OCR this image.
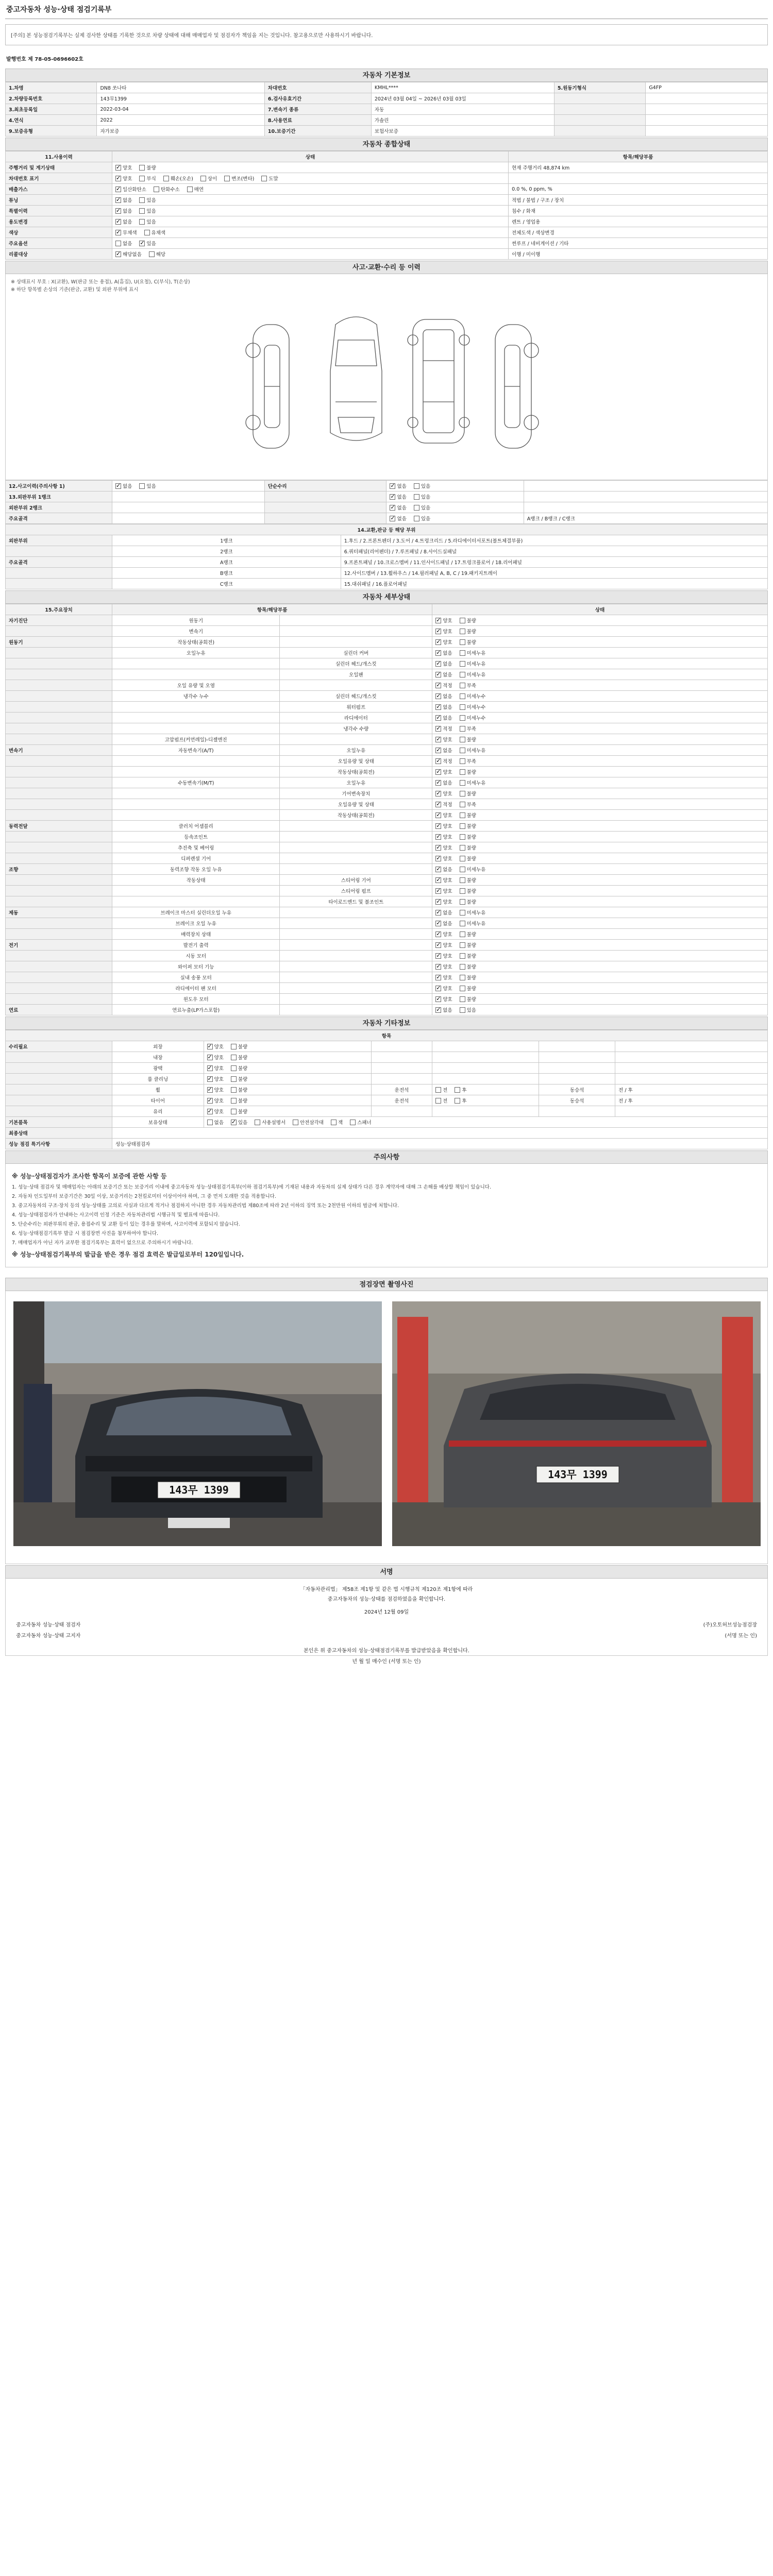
중고자동차 성능·상태 점검기록부
[주의] 본 성능점검기록부는 실제 검사한 상태를 기록한 것으로 차량 상태에 대해 매매업자 및 점검자가 책임을 지는 것입니다. 참고용으로만 사용하시기 바랍니다.
발행번호 제 78-05-0696602호
자동차 기본정보
1.차명	DN8 쏘나타	차대번호	KMHL****	5.원동기형식	G4FP
2.차량등록번호	143무1399	6.검사유효기간	2024년 03월 04일 ~ 2026년 03월 03일		
3.최초등록일	2022-03-04	7.변속기 종류	자동		
4.연식	2022	8.사용연료	가솔린		
9.보증유형	자가보증	10.보증기간	보험사보증		
자동차 종합상태
11.사용이력	상태	항목/해당부품
주행거리 및 계기상태	✓양호 불량	현재 주행거리 48,874 km
차대번호 표기	✓양호 부식 훼손(오손) 상이 변조(변타) 도말	
배출가스	✓일산화탄소 탄화수소 매연	0.0 %, 0 ppm, %
튜닝	✓없음 있음	적법 / 불법 / 구조 / 장치
특별이력	✓없음 있음	침수 / 화재
용도변경	✓없음 있음	렌트 / 영업용
색상	✓무채색 유채색	전체도색 / 색상변경
주요옵션	없음 ✓ 있음	썬루프 / 네비게이션 / 기타
리콜대상	✓해당없음 해당	이행 / 미이행
사고·교환·수리 등 이력
※ 상태표시 부호 : X(교환), W(판금 또는 용접), A(흠집), U(요철), C(부식), T(손상)
※ 하단 항목별 손상의 기준(판금, 교환) 및 외판 부위에 표시
12.사고이력(주의사항 1)	✓없음 있음	단순수리	✓없음 있음	
13.외판부위 1랭크			✓없음 있음	
외판부위 2랭크			✓없음 있음	
주요골격			✓없음 있음	A랭크 / B랭크 / C랭크
14.교환,판금 등 해당 부위		
외판부위	1랭크	1.후드 / 2.프론트펜더 / 3.도어 / 4.트렁크리드 / 5.라디에이터서포트(볼트체결부품)
	2랭크	6.쿼터패널(리어펜더) / 7.루프패널 / 8.사이드실패널
주요골격	A랭크	9.프론트패널 / 10.크로스멤버 / 11.인사이드패널 / 17.트렁크플로어 / 18.리어패널
	B랭크	12.사이드멤버 / 13.휠하우스 / 14.필러패널 A, B, C / 19.패키지트레이
	C랭크	15.대쉬패널 / 16.플로어패널
자동차 세부상태
15.주요장치	항목/해당부품		상태
자기진단	원동기		✓양호 불량
	변속기		✓양호 불량
원동기	작동상태(공회전)		✓양호 불량
	오일누유	실린더 커버	✓없음 미세누유
		실린더 헤드/개스킷	✓없음 미세누유
		오일팬	✓없음 미세누유
	오일 유량 및 오염		✓적정 부족
	냉각수 누수	실린더 헤드/개스킷	✓없음 미세누수
		워터펌프	✓없음 미세누수
		라디에이터	✓없음 미세누수
		냉각수 수량	✓적정 부족
	고압펌프(커먼레일)-디젤엔진		✓양호 불량
변속기	자동변속기(A/T)	오일누유	✓없음 미세누유
		오일유량 및 상태	✓적정 부족
		작동상태(공회전)	✓양호 불량
	수동변속기(M/T)	오일누유	✓없음 미세누유
		기어변속장치	✓양호 불량
		오일유량 및 상태	✓적정 부족
		작동상태(공회전)	✓양호 불량
동력전달	클러치 어셈블리		✓양호 불량
	등속조인트		✓양호 불량
	추진축 및 베어링		✓양호 불량
	디퍼렌셜 기어		✓양호 불량
조향	동력조향 작동 오일 누유		✓없음 미세누유
	작동상태	스티어링 기어	✓양호 불량
		스티어링 펌프	✓양호 불량
		타이로드엔드 및 볼조인트	✓양호 불량
제동	브레이크 마스터 실린더오일 누유		✓없음 미세누유
	브레이크 오일 누유		✓없음 미세누유
	배력장치 상태		✓양호 불량
전기	발전기 출력		✓양호 불량
	시동 모터		✓양호 불량
	와이퍼 모터 기능		✓양호 불량
	실내 송풍 모터		✓양호 불량
	라디에이터 팬 모터		✓양호 불량
	윈도우 모터		✓양호 불량
연료	연료누출(LP가스포함)		✓없음 있음
자동차 기타정보
항목						
수리필요	외장	✓양호 불량				
	내장	✓양호 불량				
	광택	✓양호 불량				
	룸 클리닝	✓양호 불량				
	휠	✓양호 불량	운전석	전 후	동승석	전 / 후
	타이어	✓양호 불량	운전석	전 후	동승석	전 / 후
	유리	✓양호 불량				
기본품목	보유상태	없음 ✓ 있음 사용설명서 안전삼각대 잭 스패너
최종상태						
성능 점검 특기사항	성능·상태점검자					
주의사항
※ 성능·상태점검자가 조사한 항목이 보증에 관한 사항 등

1. 성능·상태 점검자 및 매매업자는 아래의 보증기간 또는 보증거리 이내에 중고자동차 성능·상태점검기록부(이하 점검기록부)에 기재된 내용과 자동차의 실제 상태가 다른 경우 계약자에 대해 그 손해를 배상할 책임이 있습니다.

2. 자동차 인도일부터 보증기간은 30일 이상, 보증거리는 2천킬로미터 이상이어야 하며, 그 중 먼저 도래한 것을 적용합니다.

3. 중고자동차의 구조·장치 등의 성능·상태를 고의로 사실과 다르게 적거나 점검하지 아니한 경우 자동차관리법 제80조에 따라 2년 이하의 징역 또는 2천만원 이하의 벌금에 처합니다.

4. 성능·상태점검자가 안내하는 사고이력 인정 기준은 자동차관리법 시행규칙 및 별표에 따릅니다.

5. 단순수리는 외판부위의 판금, 용접수리 및 교환 등이 있는 경우를 말하며, 사고이력에 포함되지 않습니다.

6. 성능·상태점검기록부 발급 시 점검장면 사진을 첨부하여야 합니다.

7. 매매업자가 아닌 자가 교부한 점검기록부는 효력이 없으므로 주의하시기 바랍니다.

※ 성능·상태점검기록부의 발급을 받은 경우 점검 효력은 발급일로부터 120일입니다.
점검장면 촬영사진
143무 1399
143무 1399
서명
「자동차관리법」 제58조 제1항 및 같은 법 시행규칙 제120조 제1항에 따라
중고자동차의 성능·상태를 점검하였음을 확인합니다.
2024년 12월 09일
중고자동차 성능·상태 점검자	(주)오토허브성능점검장
중고자동차 성능·상태 고지자	(서명 또는 인)
본인은 위 중고자동차의 성능·상태점검기록부를 발급받았음을 확인합니다.
년 월 일 매수인 (서명 또는 인)
